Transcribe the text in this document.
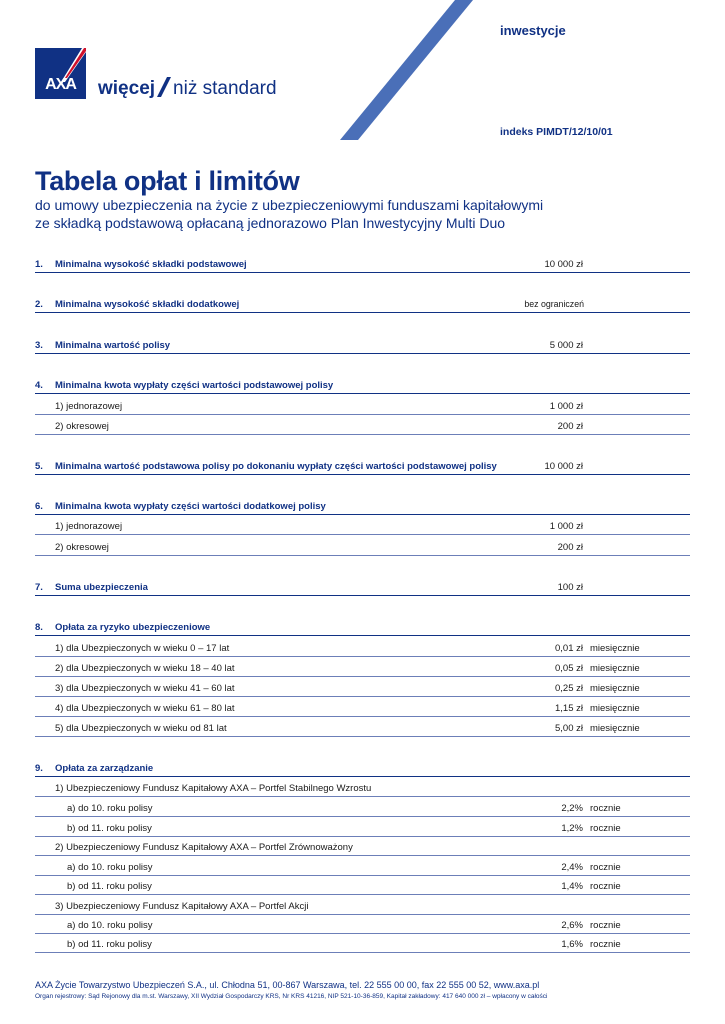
AXA	więcej niż standard
inwestycje
indeks PIMDT/12/10/01
Tabela opłat i limitów
do umowy ubezpieczenia na życie z ubezpieczeniowymi funduszami kapitałowymi
ze składką podstawową opłacaną jednorazowo Plan Inwestycyjny Multi Duo
1. Minimalna wysokość składki podstawowej	10 000 zł
2. Minimalna wysokość składki dodatkowej	bez ograniczeń
3. Minimalna wartość polisy	5 000 zł
4. Minimalna kwota wypłaty części wartości podstawowej polisy
1) jednorazowej	1 000 zł
2) okresowej	200 zł
5. Minimalna wartość podstawowa polisy po dokonaniu wypłaty części wartości podstawowej polisy	10 000 zł
6. Minimalna kwota wypłaty części wartości dodatkowej polisy
1) jednorazowej	1 000 zł
2) okresowej	200 zł
7. Suma ubezpieczenia	100 zł
8. Opłata za ryzyko ubezpieczeniowe
1) dla Ubezpieczonych w wieku 0 – 17 lat	0,01 zł miesięcznie
2) dla Ubezpieczonych w wieku 18 – 40 lat	0,05 zł miesięcznie
3) dla Ubezpieczonych w wieku 41 – 60 lat	0,25 zł miesięcznie
4) dla Ubezpieczonych w wieku 61 – 80 lat	1,15 zł miesięcznie
5) dla Ubezpieczonych w wieku od 81 lat	5,00 zł miesięcznie
9. Opłata za zarządzanie
1) Ubezpieczeniowy Fundusz Kapitałowy AXA – Portfel Stabilnego Wzrostu
a) do 10. roku polisy	2,2% rocznie
b) od 11. roku polisy	1,2% rocznie
2) Ubezpieczeniowy Fundusz Kapitałowy AXA – Portfel Zrównoważony
a) do 10. roku polisy	2,4% rocznie
b) od 11. roku polisy	1,4% rocznie
3) Ubezpieczeniowy Fundusz Kapitałowy AXA – Portfel Akcji
a) do 10. roku polisy	2,6% rocznie
b) od 11. roku polisy	1,6% rocznie
AXA Życie Towarzystwo Ubezpieczeń S.A., ul. Chłodna 51, 00-867 Warszawa, tel. 22 555 00 00, fax 22 555 00 52, www.axa.pl
Organ rejestrowy: Sąd Rejonowy dla m.st. Warszawy, XII Wydział Gospodarczy KRS, Nr KRS 41216, NIP 521-10-36-859, Kapitał zakładowy: 417 640 000 zł – wpłacony w całości
